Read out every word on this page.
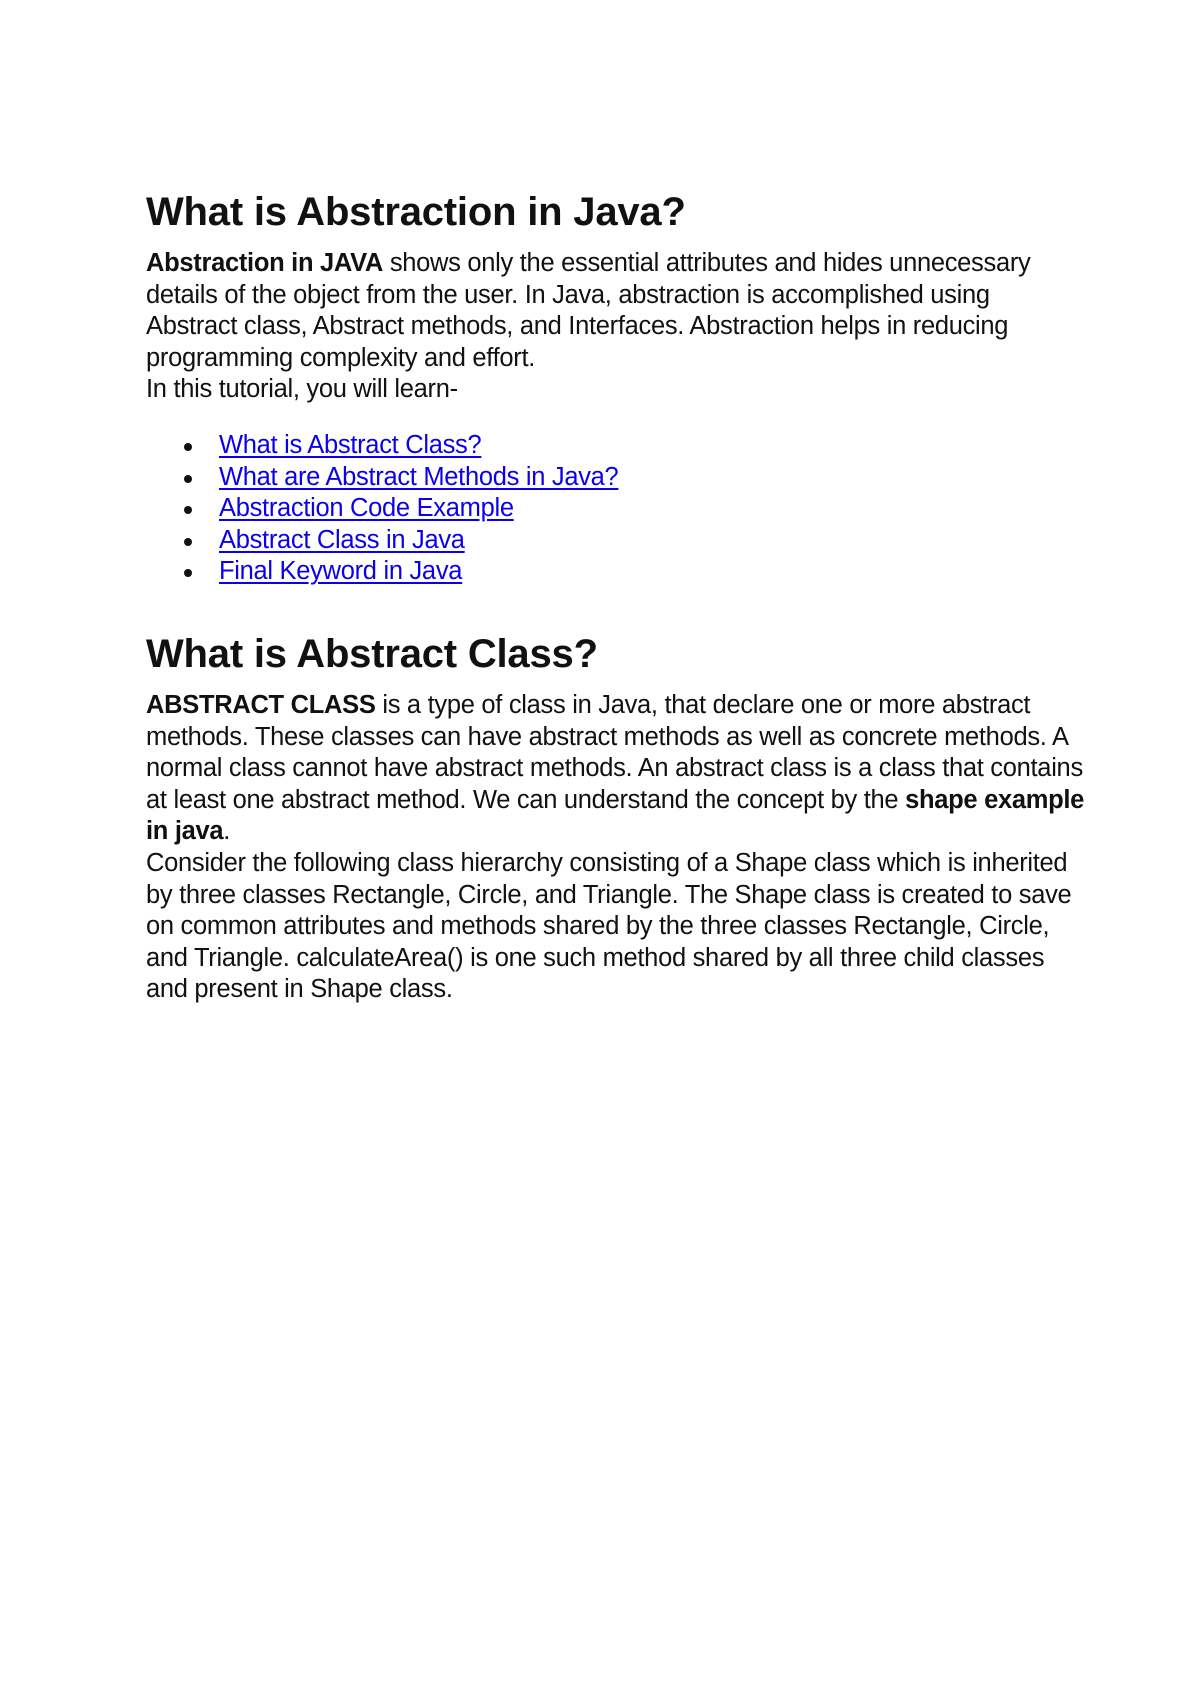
What is Abstraction in Java?

Abstraction in JAVA shows only the essential attributes and hides unnecessary details of the object from the user. In Java, abstraction is accomplished using Abstract class, Abstract methods, and Interfaces. Abstraction helps in reducing programming complexity and effort.
In this tutorial, you will learn-

What is Abstract Class?
What are Abstract Methods in Java?
Abstraction Code Example
Abstract Class in Java
Final Keyword in Java
What is Abstract Class?

ABSTRACT CLASS is a type of class in Java, that declare one or more abstract methods. These classes can have abstract methods as well as concrete methods. A normal class cannot have abstract methods. An abstract class is a class that contains at least one abstract method. We can understand the concept by the shape example in java.
Consider the following class hierarchy consisting of a Shape class which is inherited by three classes Rectangle, Circle, and Triangle. The Shape class is created to save on common attributes and methods shared by the three classes Rectangle, Circle, and Triangle. calculateArea() is one such method shared by all three child classes and present in Shape class.
